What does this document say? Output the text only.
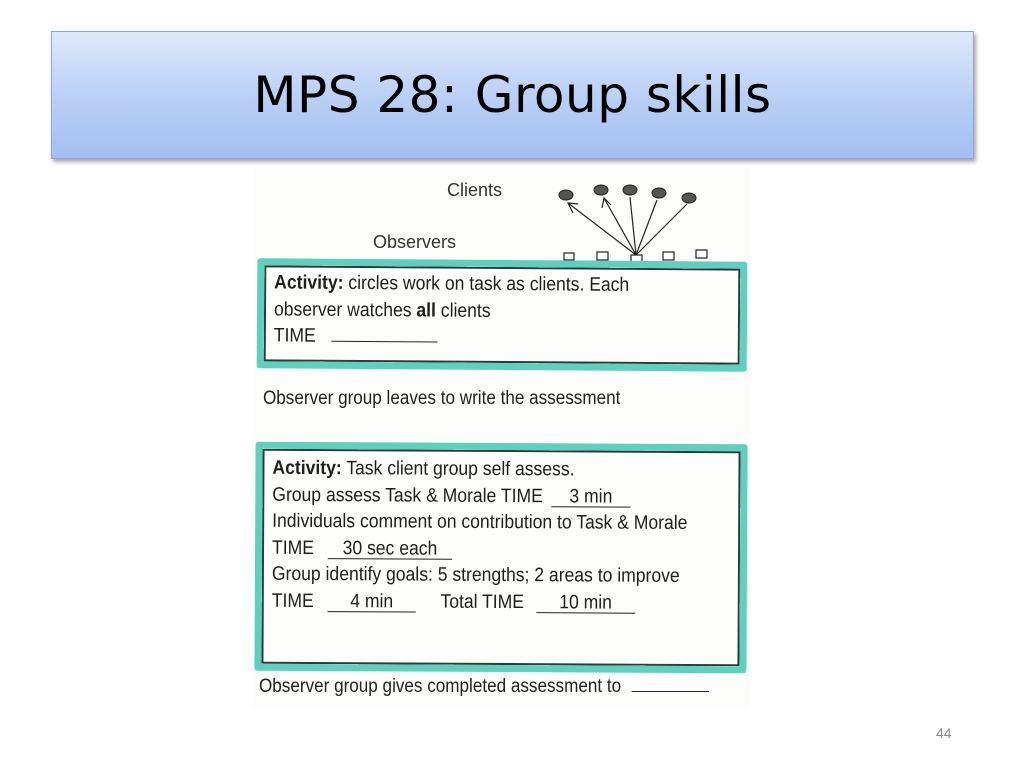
MPS 28: Group skills
Clients
Observers
Activity: circles work on task as clients. Each
observer watches all clients
TIME
Observer group leaves to write the assessment
Activity: Task client group self assess.
Group assess Task & Morale TIME 3 min
Individuals comment on contribution to Task & Morale
TIME 30 sec each
Group identify goals: 5 strengths; 2 areas to improve
TIME 4 min Total TIME 10 min
Observer group gives completed assessment to
44
